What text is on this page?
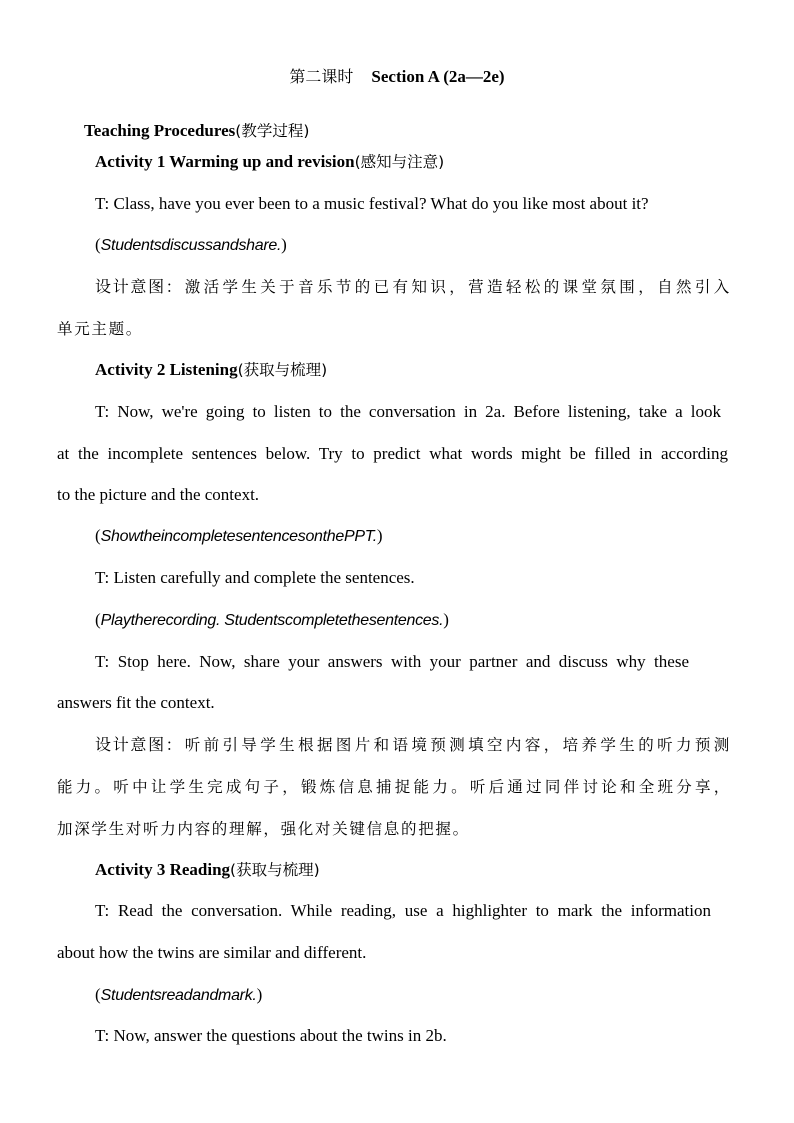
第二课时 Section A (2a—2e)
Teaching Procedures(教学过程)
Activity 1 Warming up and revision(感知与注意)
T: Class, have you ever been to a music festival? What do you like most about it?
(Studentsdiscussandshare.)
设计意图：激活学生关于音乐节的已有知识，营造轻松的课堂氛围，自然引入
单元主题。
Activity 2 Listening(获取与梳理)
T: Now, we're going to listen to the conversation in 2a. Before listening, take a look
at the incomplete sentences below. Try to predict what words might be filled in according
to the picture and the context.
(ShowtheincompletesentencesonthePPT.)
T: Listen carefully and complete the sentences.
(Playtherecording. Studentscompletethesentences.)
T: Stop here. Now, share your answers with your partner and discuss why these
answers fit the context.
设计意图：听前引导学生根据图片和语境预测填空内容，培养学生的听力预测
能力。听中让学生完成句子，锻炼信息捕捉能力。听后通过同伴讨论和全班分享，
加深学生对听力内容的理解，强化对关键信息的把握。
Activity 3 Reading(获取与梳理)
T: Read the conversation. While reading, use a highlighter to mark the information
about how the twins are similar and different.
(Studentsreadandmark.)
T: Now, answer the questions about the twins in 2b.
